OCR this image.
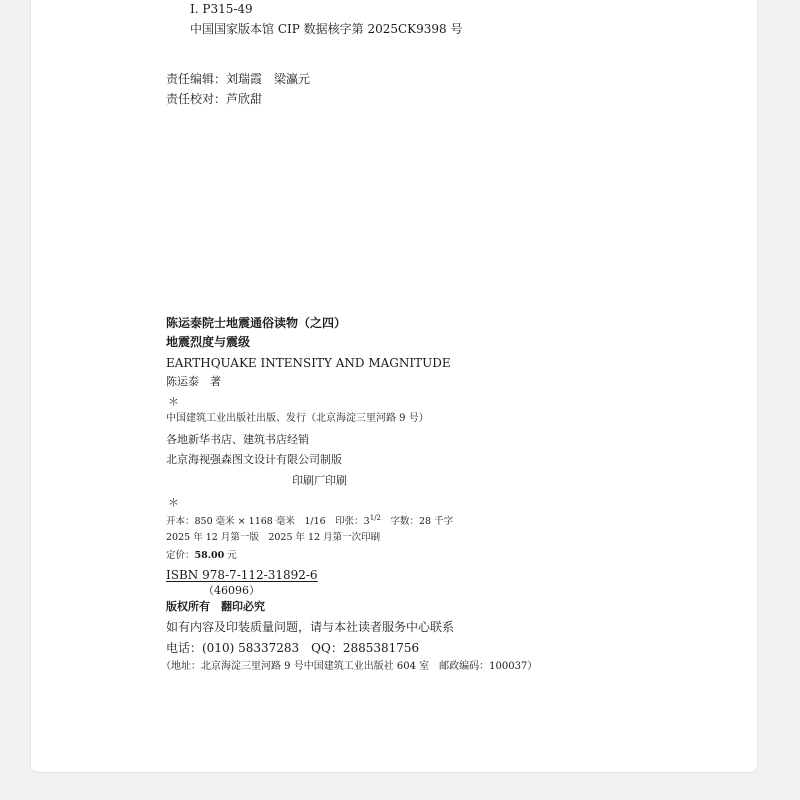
Ⅰ. P315-49
中国国家版本馆 CIP 数据核字第 2025CK9398 号
责任编辑：刘瑞霞　梁瀛元
责任校对：芦欣甜
陈运泰院士地震通俗读物（之四）
地震烈度与震级
EARTHQUAKE INTENSITY AND MAGNITUDE
陈运泰　著
＊
中国建筑工业出版社出版、发行（北京海淀三里河路 9 号）
各地新华书店、建筑书店经销
北京海视强森图文设计有限公司制版
印刷厂印刷
＊
开本：850 毫米 × 1168 毫米　1/16　印张：$3^{1/2}$　字数：28 千字
2025 年 12 月第一版　2025 年 12 月第一次印刷
定价：58.00 元
ISBN 978-7-112-31892-6
（46096）
版权所有　翻印必究
如有内容及印装质量问题，请与本社读者服务中心联系
电话：(010) 58337283　QQ：2885381756
（地址：北京海淀三里河路 9 号中国建筑工业出版社 604 室　邮政编码：100037）
